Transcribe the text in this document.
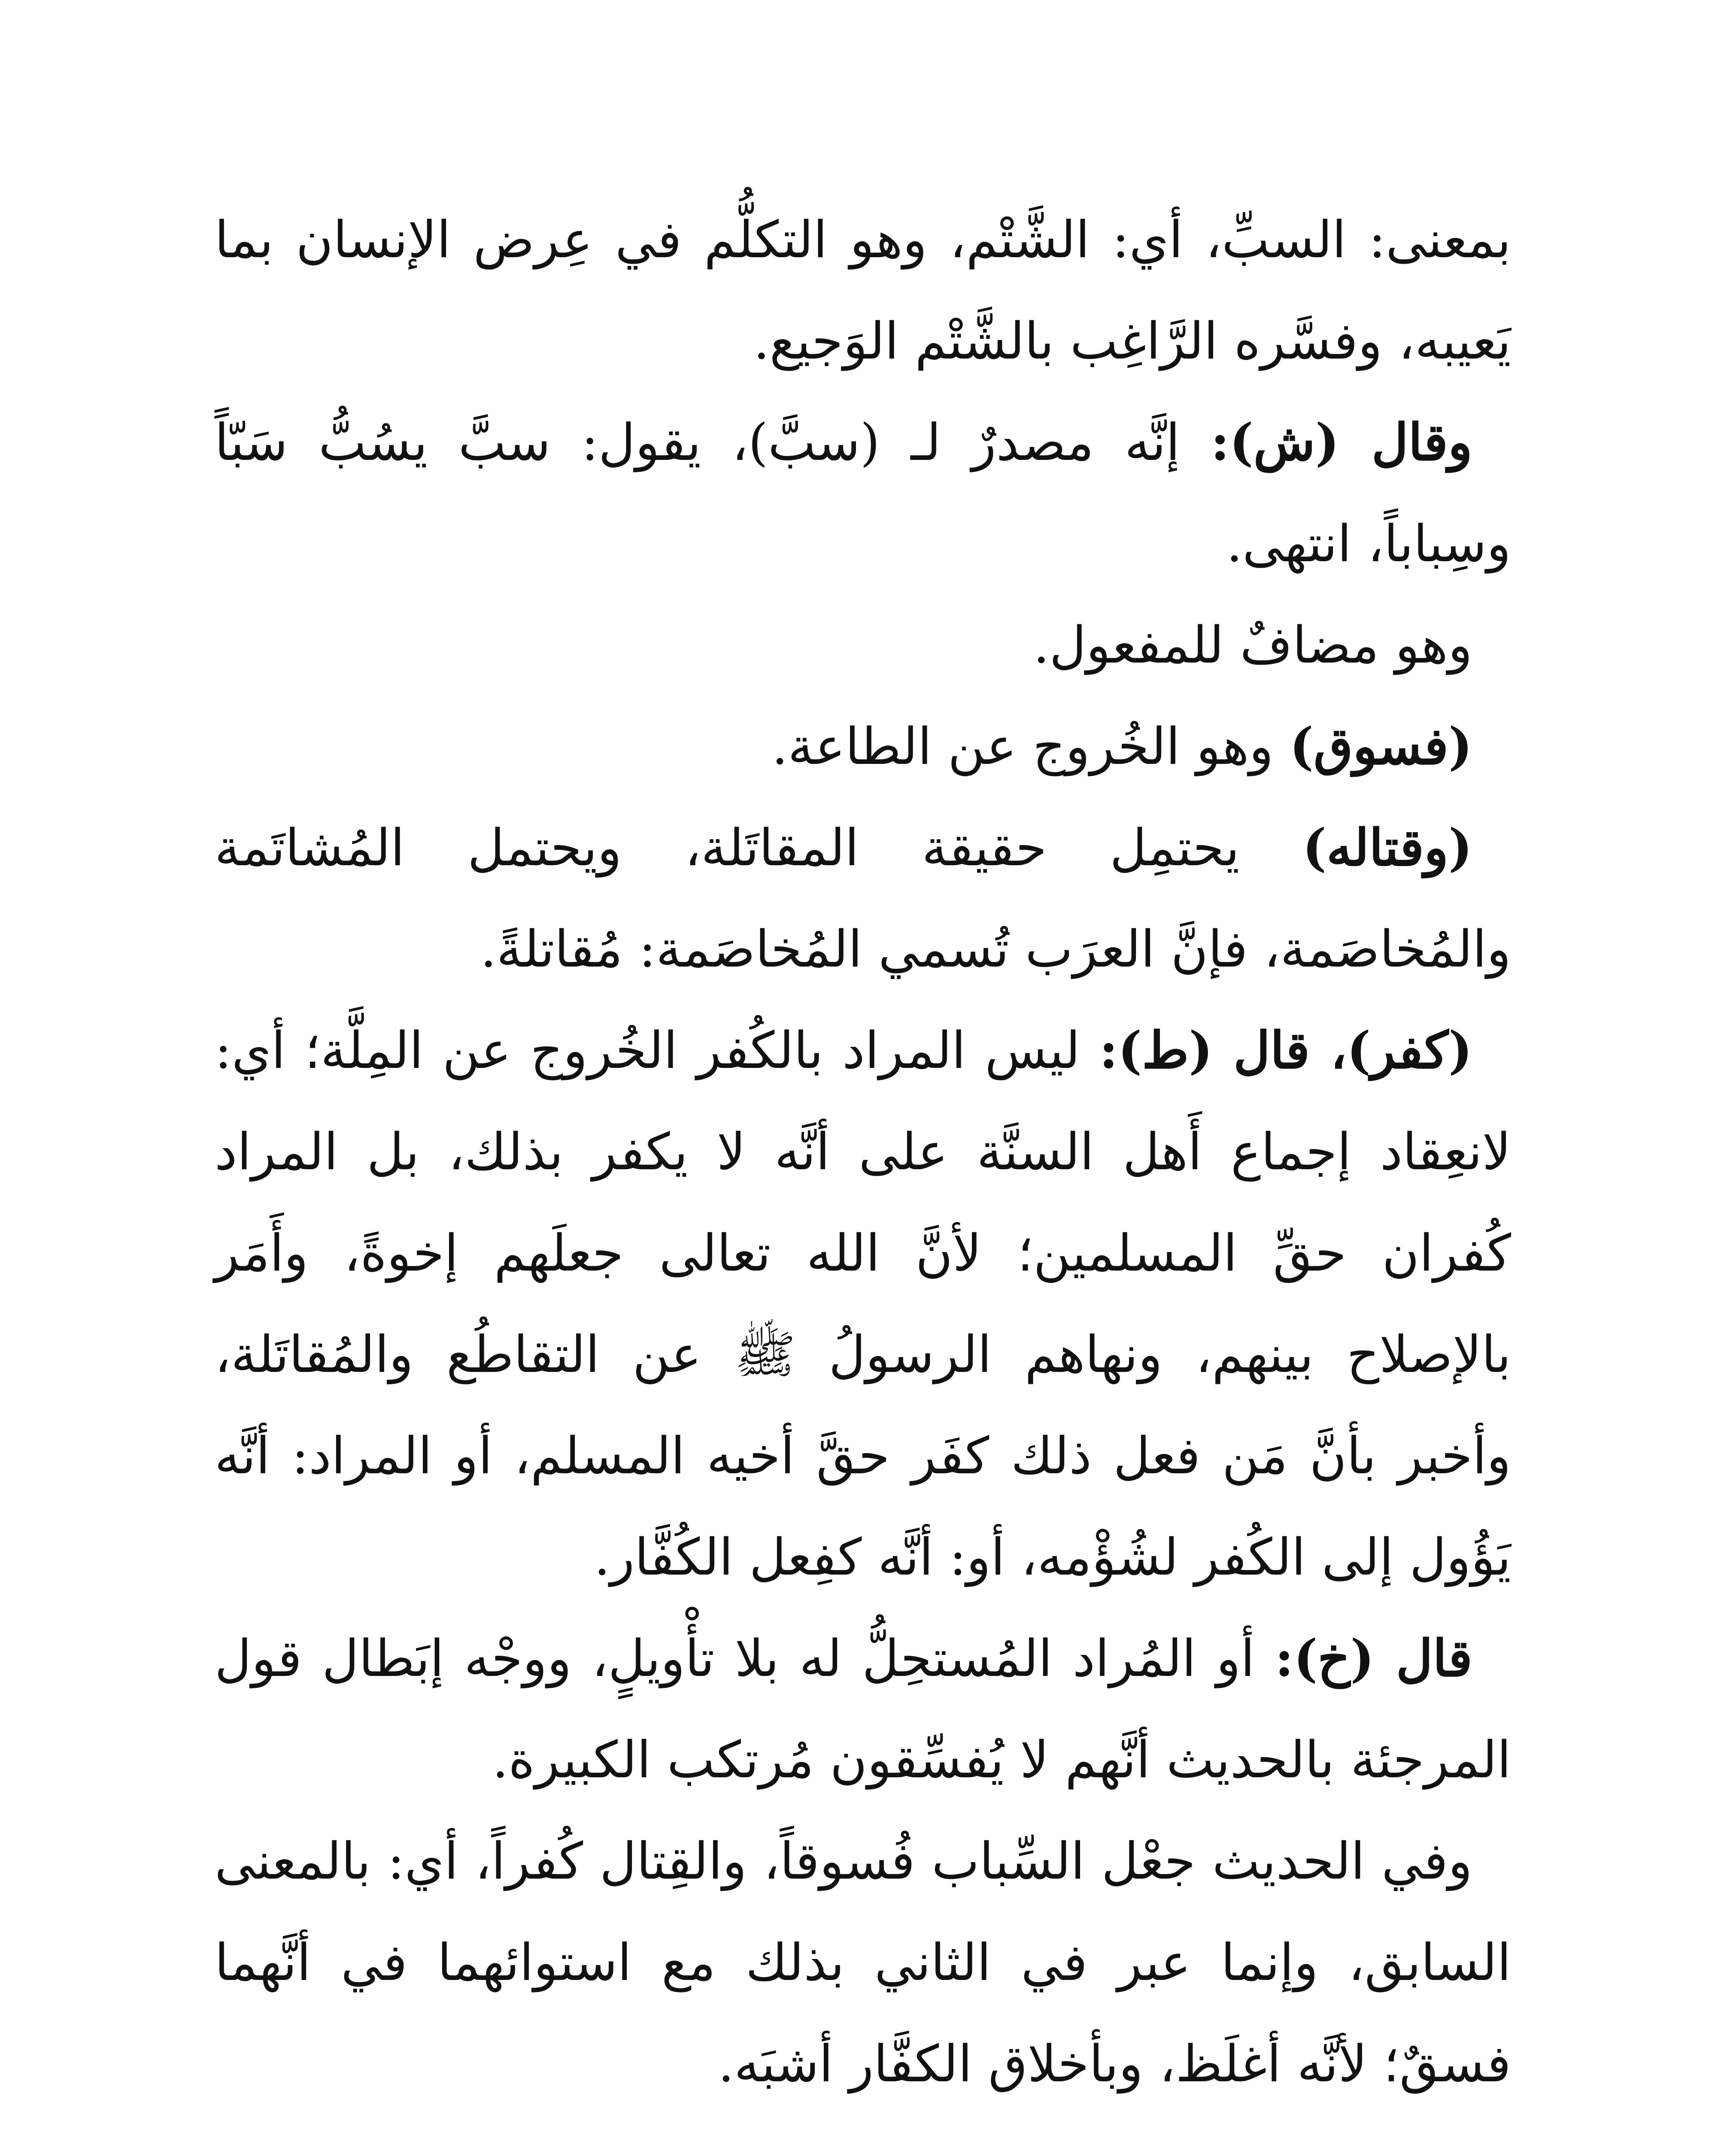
بمعنى: السبِّ، أي: الشَّتْم، وهو التكلُّم في عِرض الإنسان بما يَعيبه، وفسَّره الرَّاغِب بالشَّتْم الوَجيع.

وقال (ش): إنَّه مصدرٌ لـ (سبَّ)، يقول: سبَّ يسُبُّ سَبّاً وسِباباً، انتهى.

وهو مضافٌ للمفعول.

(فسوق) وهو الخُروج عن الطاعة.

(وقتاله) يحتمِل حقيقة المقاتَلة، ويحتمل المُشاتَمة والمُخاصَمة، فإنَّ العرَب تُسمي المُخاصَمة: مُقاتلةً.

(كفر)، قال (ط): ليس المراد بالكُفر الخُروج عن المِلَّة؛ أي: لانعِقاد إجماع أَهل السنَّة على أنَّه لا يكفر بذلك، بل المراد كُفران حقِّ المسلمين؛ لأنَّ الله تعالى جعلَهم إخوةً، وأَمَر بالإصلاح بينهم، ونهاهم الرسولُ ﷺ عن التقاطُع والمُقاتَلة، وأخبر بأنَّ مَن فعل ذلك كفَر حقَّ أخيه المسلم، أو المراد: أنَّه يَؤُول إلى الكُفر لشُؤْمه، أو: أنَّه كفِعل الكُفَّار.

قال (خ): أو المُراد المُستحِلُّ له بلا تأْويلٍ، ووجْه إبَطال قول المرجئة بالحديث أنَّهم لا يُفسِّقون مُرتكب الكبيرة.

وفي الحديث جعْل السِّباب فُسوقاً، والقِتال كُفراً، أي: بالمعنى السابق، وإنما عبر في الثاني بذلك مع استوائهما في أنَّهما فسقٌ؛ لأنَّه أغلَظ، وبأخلاق الكفَّار أشبَه.
